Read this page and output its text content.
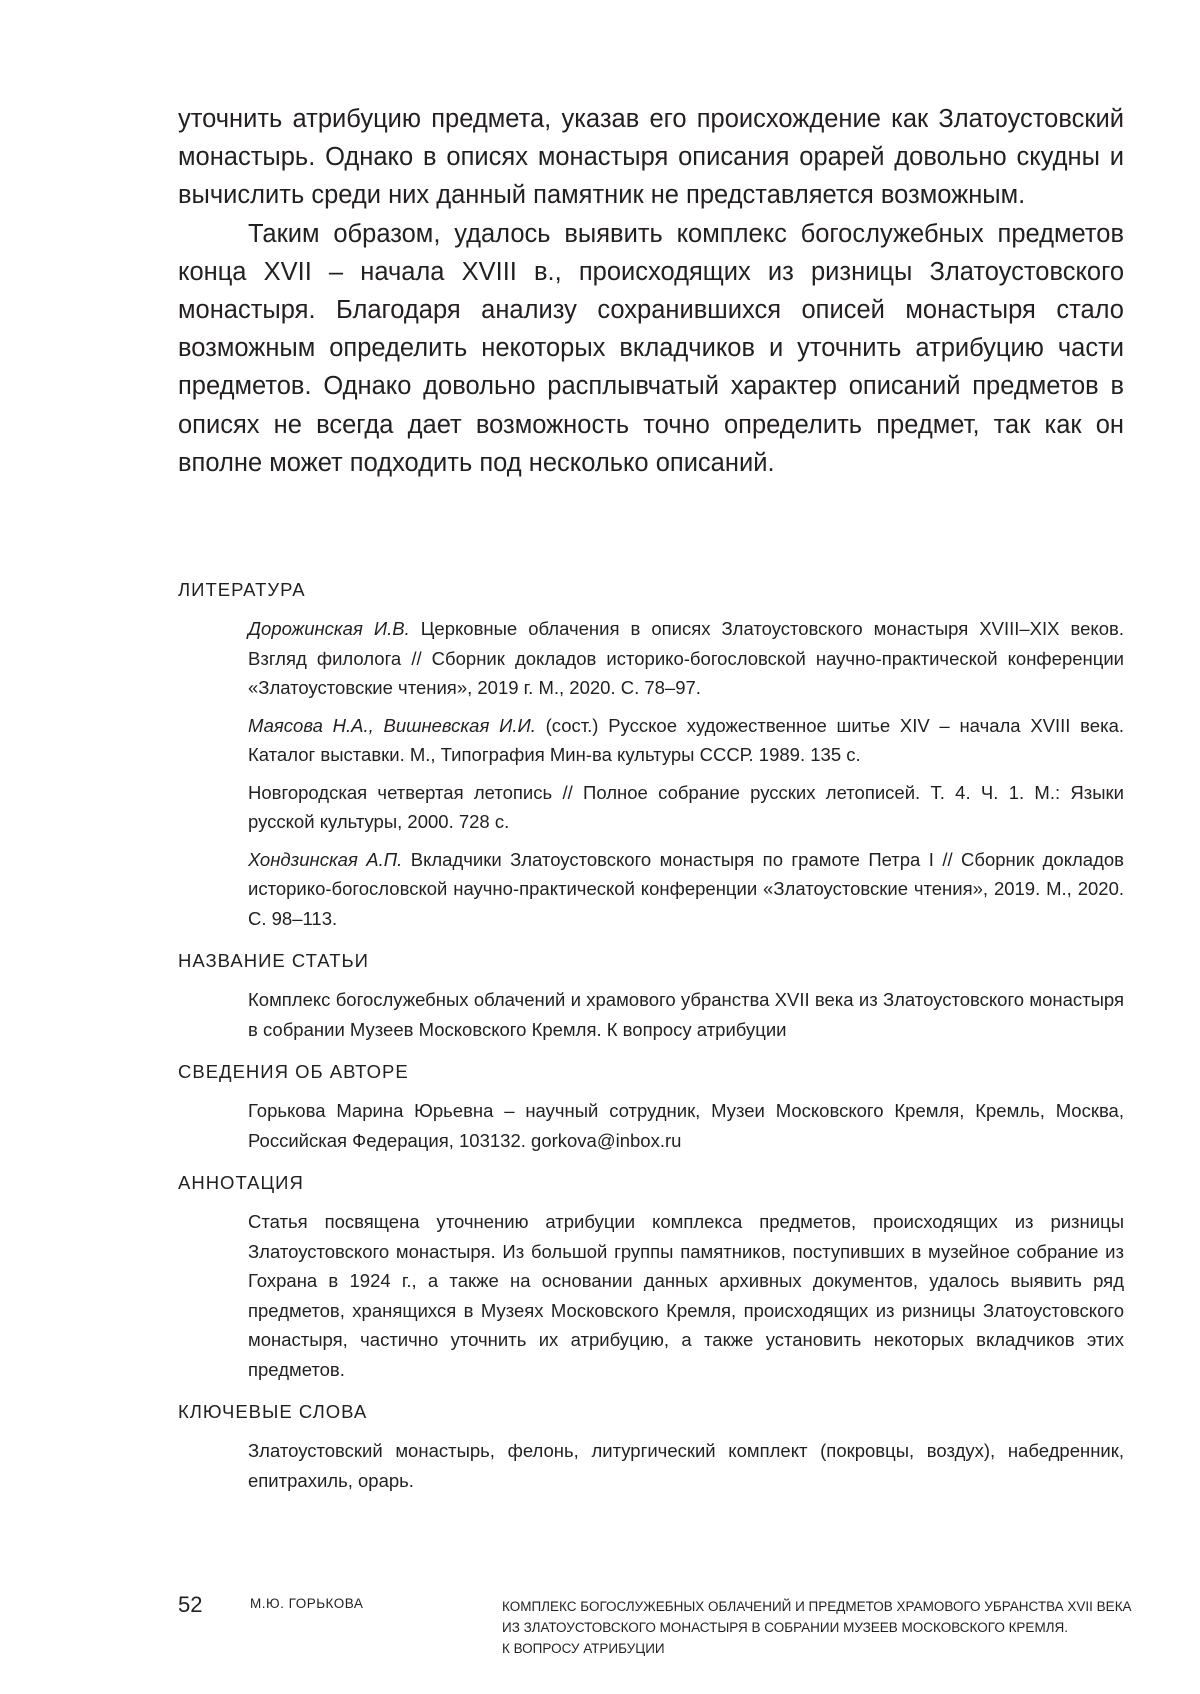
уточнить атрибуцию предмета, указав его происхождение как Златоустовский монастырь. Однако в описях монастыря описания орарей довольно скудны и вычислить среди них данный памятник не представляется возможным.

Таким образом, удалось выявить комплекс богослужебных предметов конца XVII – начала XVIII в., происходящих из ризницы Златоустовского монастыря. Благодаря анализу сохранившихся описей монастыря стало возможным определить некоторых вкладчиков и уточнить атрибуцию части предметов. Однако довольно расплывчатый характер описаний предметов в описях не всегда дает возможность точно определить предмет, так как он вполне может подходить под несколько описаний.

ЛИТЕРАТУРА

Дорожинская И.В. Церковные облачения в описях Златоустовского монастыря XVIII–XIX веков. Взгляд филолога // Сборник докладов историко-богословской научно-практической конференции «Златоустовские чтения», 2019 г. М., 2020. С. 78–97.

Маясова Н.А., Вишневская И.И. (сост.) Русское художественное шитье XIV – начала XVIII века. Каталог выставки. М., Типография Мин-ва культуры СССР. 1989. 135 с.

Новгородская четвертая летопись // Полное собрание русских летописей. Т. 4. Ч. 1. М.: Языки русской культуры, 2000. 728 с.

Хондзинская А.П. Вкладчики Златоустовского монастыря по грамоте Петра I // Сборник докладов историко-богословской научно-практической конференции «Златоустовские чтения», 2019. М., 2020. С. 98–113.

НАЗВАНИЕ СТАТЬИ

Комплекс богослужебных облачений и храмового убранства XVII века из Златоустовского монастыря в собрании Музеев Московского Кремля. К вопросу атрибуции

СВЕДЕНИЯ ОБ АВТОРЕ

Горькова Марина Юрьевна – научный сотрудник, Музеи Московского Кремля, Кремль, Москва, Российская Федерация, 103132. gorkova@inbox.ru

АННОТАЦИЯ

Статья посвящена уточнению атрибуции комплекса предметов, происходящих из ризницы Златоустовского монастыря. Из большой группы памятников, поступивших в музейное собрание из Гохрана в 1924 г., а также на основании данных архивных документов, удалось выявить ряд предметов, хранящихся в Музеях Московского Кремля, происходящих из ризницы Златоустовского монастыря, частично уточнить их атрибуцию, а также установить некоторых вкладчиков этих предметов.

КЛЮЧЕВЫЕ СЛОВА

Златоустовский монастырь, фелонь, литургический комплект (покровцы, воздух), набедренник, епитрахиль, орарь.

52	М.Ю. ГОРЬКОВА	КОМПЛЕКС БОГОСЛУЖЕБНЫХ ОБЛАЧЕНИЙ И ПРЕДМЕТОВ ХРАМОВОГО УБРАНСТВА XVII ВЕКА
ИЗ ЗЛАТОУСТОВСКОГО МОНАСТЫРЯ В СОБРАНИИ МУЗЕЕВ МОСКОВСКОГО КРЕМЛЯ.
К ВОПРОСУ АТРИБУЦИИ
